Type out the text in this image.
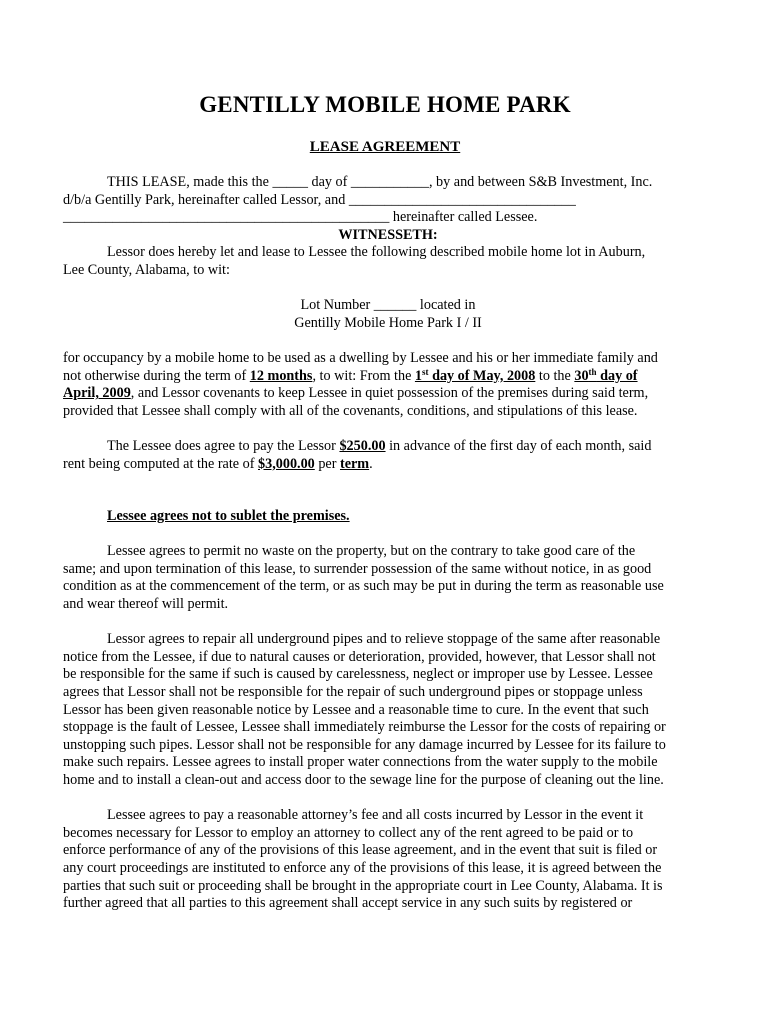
GENTILLY MOBILE HOME PARK
LEASE AGREEMENT
THIS LEASE, made this the _____ day of ___________, by and between S&B Investment, Inc.
d/b/a Gentilly Park, hereinafter called Lessor, and ________________________________
______________________________________________ hereinafter called Lessee.
WITNESSETH:
Lessor does hereby let and lease to Lessee the following described mobile home lot in Auburn,
Lee County, Alabama, to wit:
Lot Number ______ located in
Gentilly Mobile Home Park I / II
for occupancy by a mobile home to be used as a dwelling by Lessee and his or her immediate family and
not otherwise during the term of 12 months, to wit: From the 1st day of May, 2008 to the 30th day of
April, 2009, and Lessor covenants to keep Lessee in quiet possession of the premises during said term,
provided that Lessee shall comply with all of the covenants, conditions, and stipulations of this lease.
The Lessee does agree to pay the Lessor $250.00 in advance of the first day of each month, said
rent being computed at the rate of $3,000.00 per term.
Lessee agrees not to sublet the premises.
Lessee agrees to permit no waste on the property, but on the contrary to take good care of the
same; and upon termination of this lease, to surrender possession of the same without notice, in as good
condition as at the commencement of the term, or as such may be put in during the term as reasonable use
and wear thereof will permit.
Lessor agrees to repair all underground pipes and to relieve stoppage of the same after reasonable
notice from the Lessee, if due to natural causes or deterioration, provided, however, that Lessor shall not
be responsible for the same if such is caused by carelessness, neglect or improper use by Lessee. Lessee
agrees that Lessor shall not be responsible for the repair of such underground pipes or stoppage unless
Lessor has been given reasonable notice by Lessee and a reasonable time to cure. In the event that such
stoppage is the fault of Lessee, Lessee shall immediately reimburse the Lessor for the costs of repairing or
unstopping such pipes. Lessor shall not be responsible for any damage incurred by Lessee for its failure to
make such repairs. Lessee agrees to install proper water connections from the water supply to the mobile
home and to install a clean-out and access door to the sewage line for the purpose of cleaning out the line.
Lessee agrees to pay a reasonable attorney’s fee and all costs incurred by Lessor in the event it
becomes necessary for Lessor to employ an attorney to collect any of the rent agreed to be paid or to
enforce performance of any of the provisions of this lease agreement, and in the event that suit is filed or
any court proceedings are instituted to enforce any of the provisions of this lease, it is agreed between the
parties that such suit or proceeding shall be brought in the appropriate court in Lee County, Alabama. It is
further agreed that all parties to this agreement shall accept service in any such suits by registered or
